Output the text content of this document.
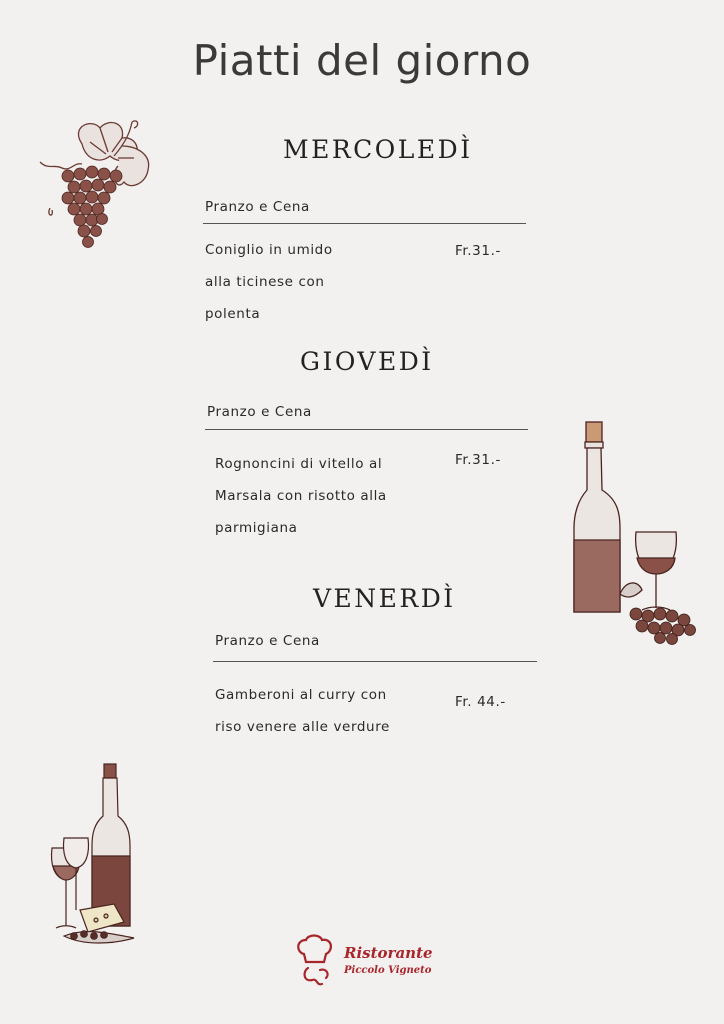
Piatti del giorno
MERCOLEDÌ
Pranzo e Cena
Coniglio in umido
alla ticinese con
polenta
Fr.31.-
GIOVEDÌ
Pranzo e Cena
Rognoncini di vitello al
Marsala con risotto alla
parmigiana
Fr.31.-
VENERDÌ
Pranzo e Cena
Gamberoni al curry con
riso venere alle verdure
Fr. 44.-
Ristorante
Piccolo Vigneto
